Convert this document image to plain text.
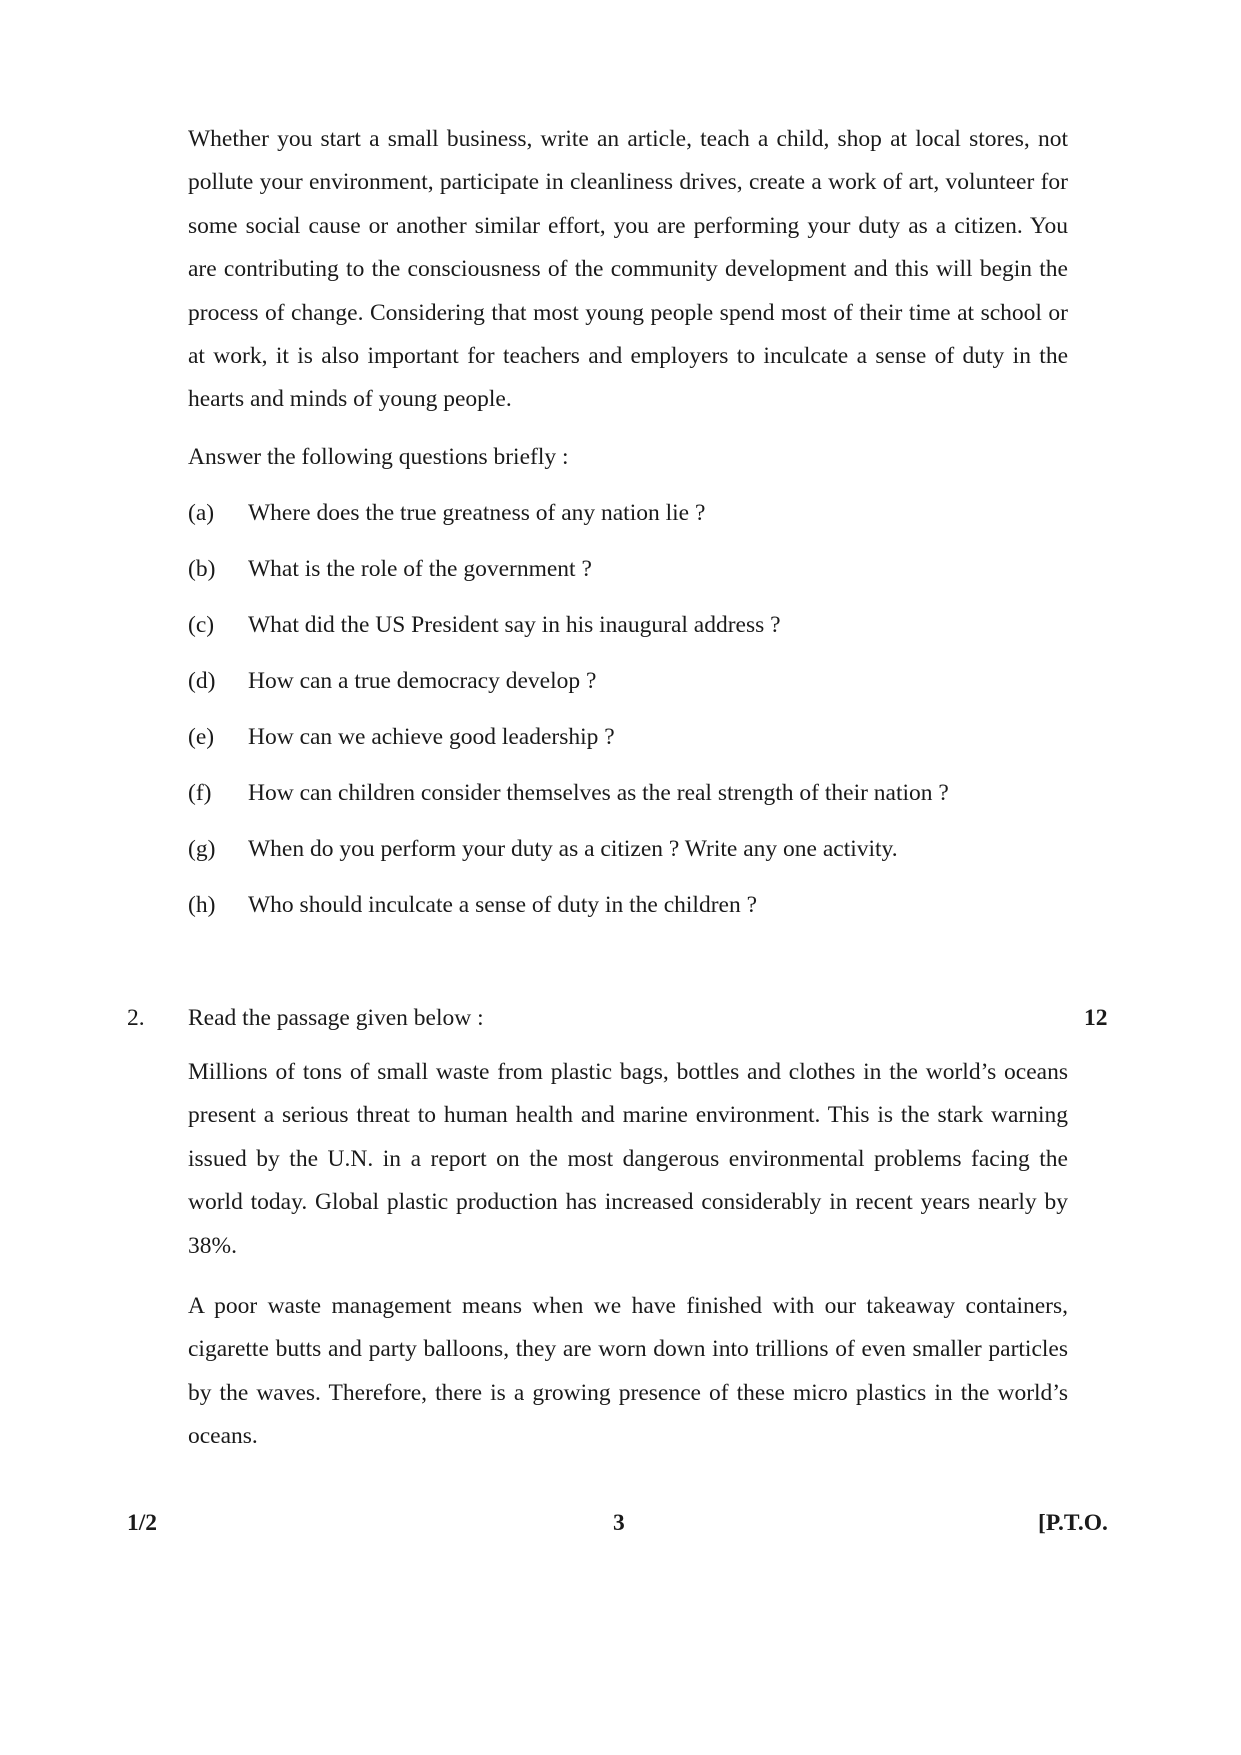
Whether you start a small business, write an article, teach a child, shop at local stores, not pollute your environment, participate in cleanliness drives, create a work of art, volunteer for some social cause or another similar effort, you are performing your duty as a citizen. You are contributing to the consciousness of the community development and this will begin the process of change. Considering that most young people spend most of their time at school or at work, it is also important for teachers and employers to inculcate a sense of duty in the hearts and minds of young people.

Answer the following questions briefly :

(a) Where does the true greatness of any nation lie ?
(b) What is the role of the government ?
(c) What did the US President say in his inaugural address ?
(d) How can a true democracy develop ?
(e) How can we achieve good leadership ?
(f) How can children consider themselves as the real strength of their nation ?
(g) When do you perform your duty as a citizen ? Write any one activity.
(h) Who should inculcate a sense of duty in the children ?
2. Read the passage given below :	12

Millions of tons of small waste from plastic bags, bottles and clothes in the world’s oceans present a serious threat to human health and marine environment. This is the stark warning issued by the U.N. in a report on the most dangerous environmental problems facing the world today. Global plastic production has increased considerably in recent years nearly by 38%.

A poor waste management means when we have finished with our takeaway containers, cigarette butts and party balloons, they are worn down into trillions of even smaller particles by the waves. Therefore, there is a growing presence of these micro plastics in the world’s oceans.

1/2	3	[P.T.O.
